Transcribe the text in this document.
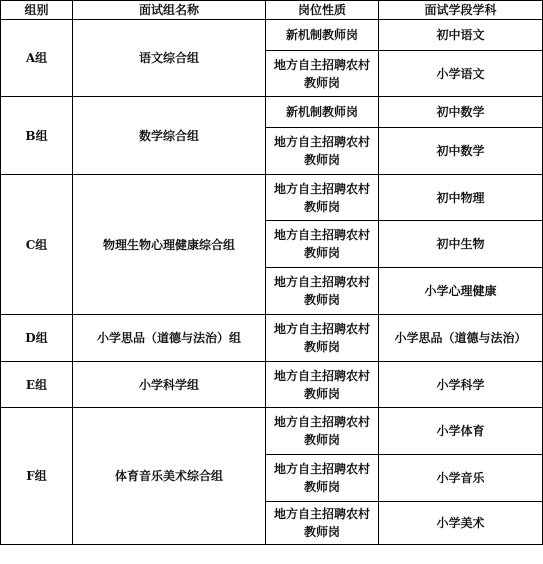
组别	面试组名称	岗位性质	面试学段学科
A组	语文综合组	新机制教师岗	初中语文
		地方自主招聘农村教师岗	小学语文
B组	数学综合组	新机制教师岗	初中数学
		地方自主招聘农村教师岗	初中数学
C组	物理生物心理健康综合组	地方自主招聘农村教师岗	初中物理
		地方自主招聘农村教师岗	初中生物
		地方自主招聘农村教师岗	小学心理健康
D组	小学思品（道德与法治）组	地方自主招聘农村教师岗	小学思品（道德与法治）
E组	小学科学组	地方自主招聘农村教师岗	小学科学
F组	体育音乐美术综合组	地方自主招聘农村教师岗	小学体育
		地方自主招聘农村教师岗	小学音乐
		地方自主招聘农村教师岗	小学美术
